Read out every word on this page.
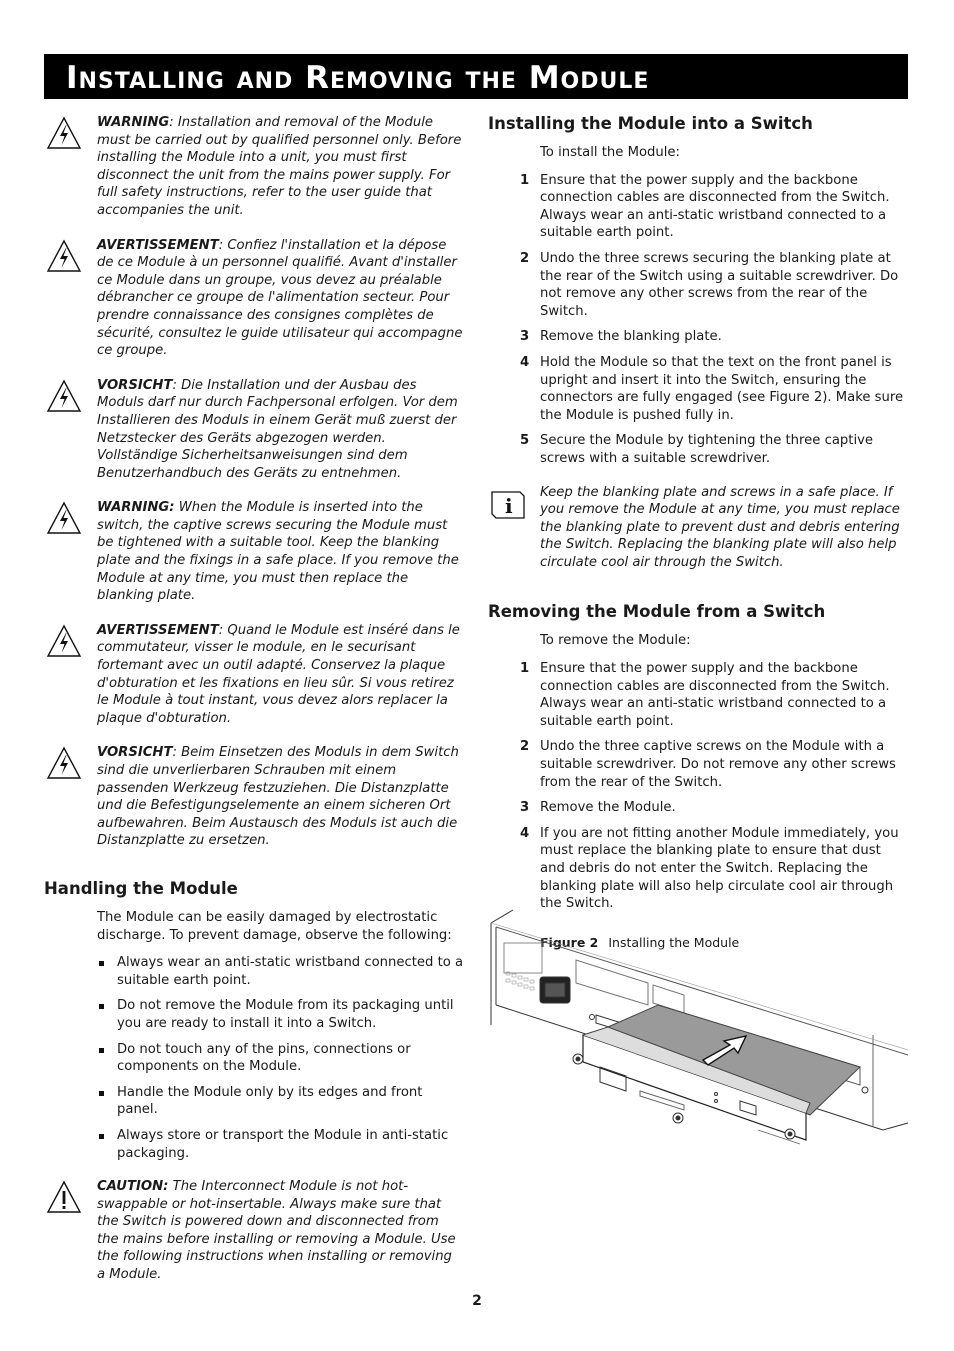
Installing and Removing the Module

WARNING: Installation and removal of the Module must be carried out by qualified personnel only. Before installing the Module into a unit, you must first disconnect the unit from the mains power supply. For full safety instructions, refer to the user guide that accompanies the unit.

AVERTISSEMENT: Confiez l'installation et la dépose de ce Module à un personnel qualifié. Avant d'installer ce Module dans un groupe, vous devez au préalable débrancher ce groupe de l'alimentation secteur. Pour prendre connaissance des consignes complètes de sécurité, consultez le guide utilisateur qui accompagne ce groupe.

VORSICHT: Die Installation und der Ausbau des Moduls darf nur durch Fachpersonal erfolgen. Vor dem Installieren des Moduls in einem Gerät muß zuerst der Netzstecker des Geräts abgezogen werden. Vollständige Sicherheitsanweisungen sind dem Benutzerhandbuch des Geräts zu entnehmen.

WARNING: When the Module is inserted into the switch, the captive screws securing the Module must be tightened with a suitable tool. Keep the blanking plate and the fixings in a safe place. If you remove the Module at any time, you must then replace the blanking plate.

AVERTISSEMENT: Quand le Module est inséré dans le commutateur, visser le module, en le securisant fortemant avec un outil adapté. Conservez la plaque d'obturation et les fixations en lieu sûr. Si vous retirez le Module à tout instant, vous devez alors replacer la plaque d'obturation.

VORSICHT: Beim Einsetzen des Moduls in dem Switch sind die unverlierbaren Schrauben mit einem passenden Werkzeug festzuziehen. Die Distanzplatte und die Befestigungselemente an einem sicheren Ort aufbewahren. Beim Austausch des Moduls ist auch die Distanzplatte zu ersetzen.

Handling the Module

The Module can be easily damaged by electrostatic discharge. To prevent damage, observe the following:

Always wear an anti-static wristband connected to a suitable earth point.
Do not remove the Module from its packaging until you are ready to install it into a Switch.
Do not touch any of the pins, connections or components on the Module.
Handle the Module only by its edges and front panel.
Always store or transport the Module in anti-static packaging.

CAUTION: The Interconnect Module is not hot-swappable or hot-insertable. Always make sure that the Switch is powered down and disconnected from the mains before installing or removing a Module. Use the following instructions when installing or removing a Module.

Installing the Module into a Switch

To install the Module:

1 Ensure that the power supply and the backbone connection cables are disconnected from the Switch. Always wear an anti-static wristband connected to a suitable earth point.
2 Undo the three screws securing the blanking plate at the rear of the Switch using a suitable screwdriver. Do not remove any other screws from the rear of the Switch.
3 Remove the blanking plate.
4 Hold the Module so that the text on the front panel is upright and insert it into the Switch, ensuring the connectors are fully engaged (see Figure 2). Make sure the Module is pushed fully in.
5 Secure the Module by tightening the three captive screws with a suitable screwdriver.
i

Keep the blanking plate and screws in a safe place. If you remove the Module at any time, you must replace the blanking plate to prevent dust and debris entering the Switch. Replacing the blanking plate will also help circulate cool air through the Switch.

Removing the Module from a Switch

To remove the Module:

1 Ensure that the power supply and the backbone connection cables are disconnected from the Switch. Always wear an anti-static wristband connected to a suitable earth point.
2 Undo the three captive screws on the Module with a suitable screwdriver. Do not remove any other screws from the rear of the Switch.
3 Remove the Module.
4 If you are not fitting another Module immediately, you must replace the blanking plate to ensure that dust and debris do not enter the Switch. Replacing the blanking plate will also help circulate cool air through the Switch.
Figure 2 Installing the Module
2
